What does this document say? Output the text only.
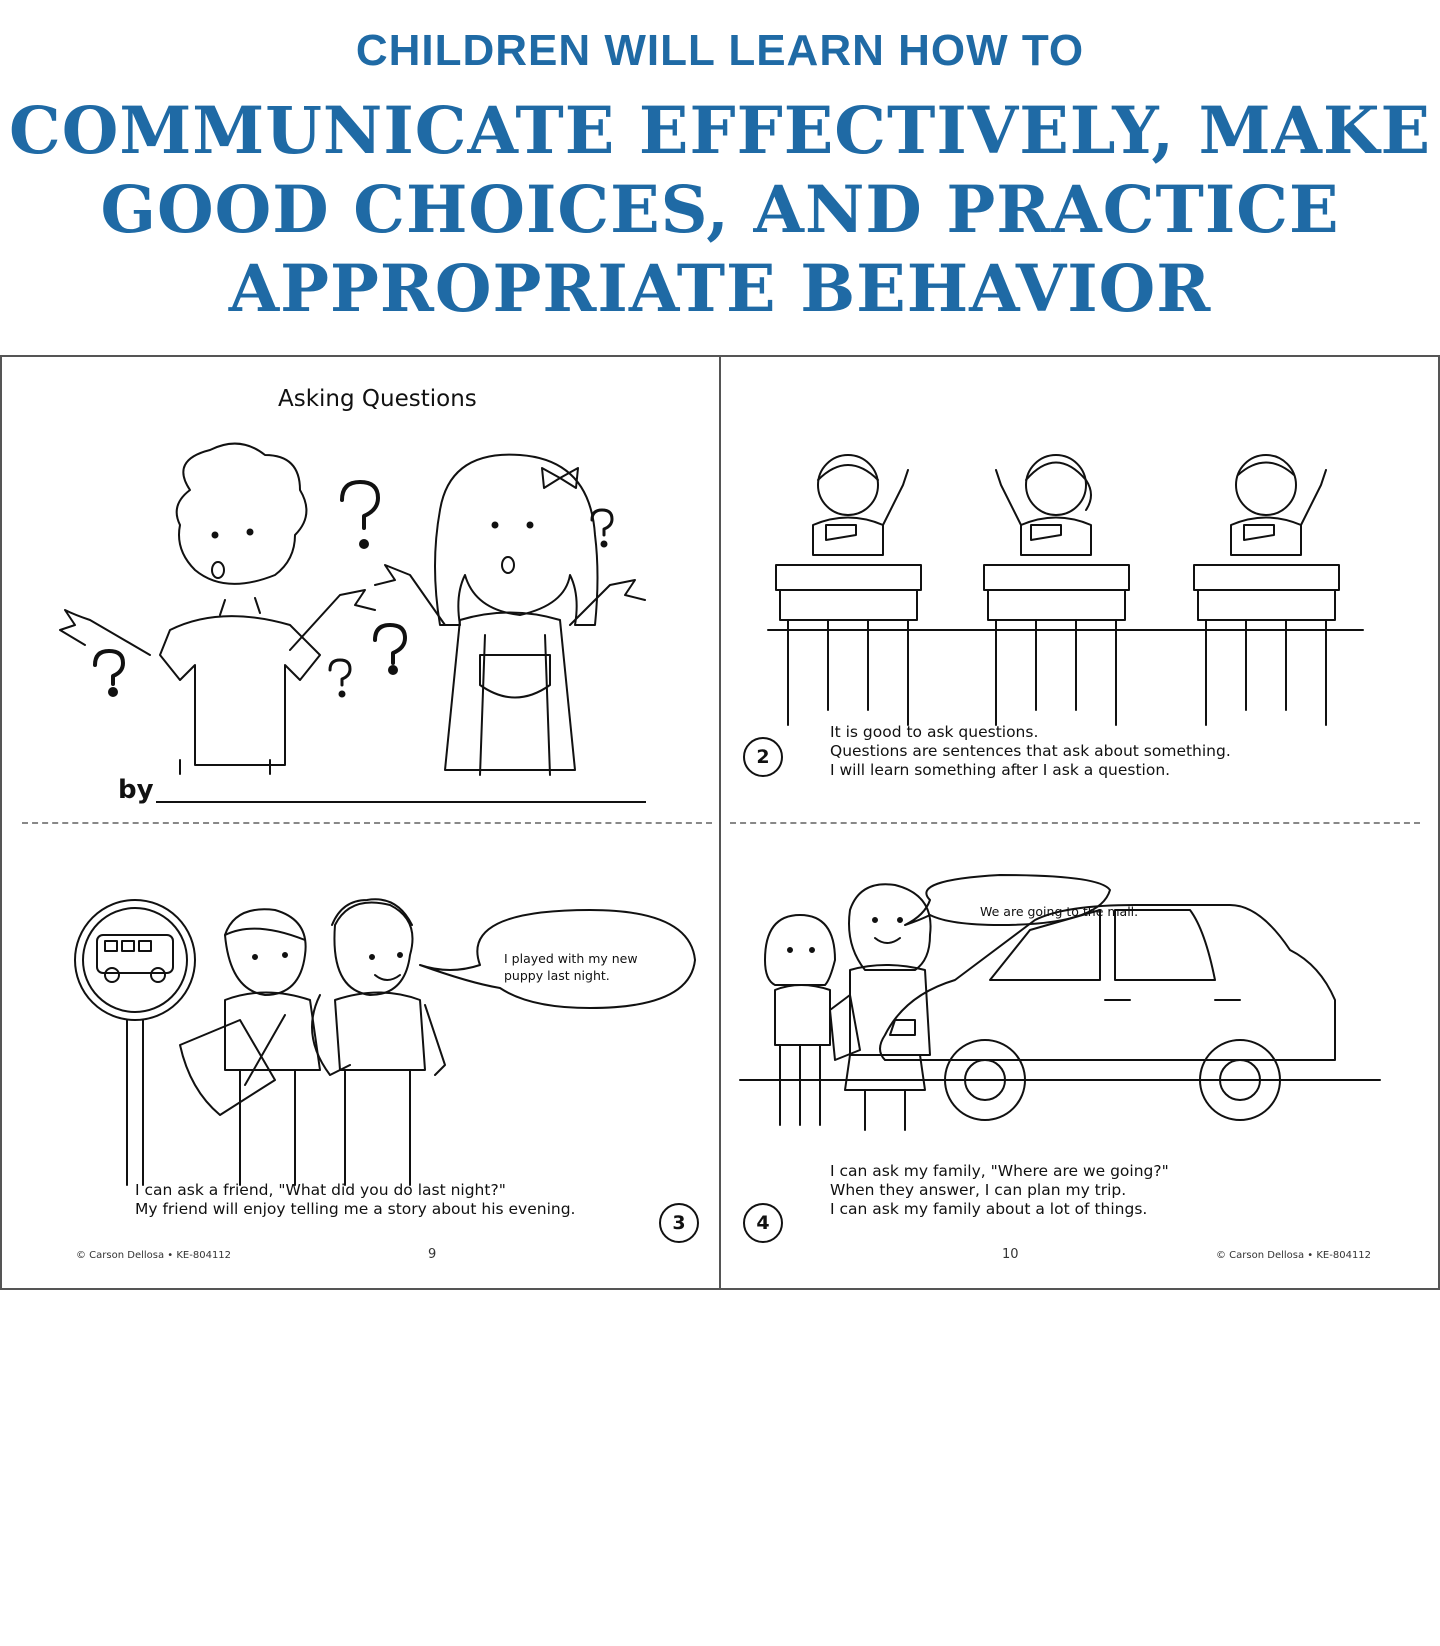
CHILDREN WILL LEARN HOW TO
COMMUNICATE EFFECTIVELY, MAKE
GOOD CHOICES, AND PRACTICE
APPROPRIATE BEHAVIOR
Asking Questions
by
2
It is good to ask questions.
Questions are sentences that ask about something.
I will learn something after I ask a question.
I played with my new
puppy last night.
I can ask a friend, "What did you do last night?"
My friend will enjoy telling me a story about his evening.
3
We are going to the mall.
4
I can ask my family, "Where are we going?"
When they answer, I can plan my trip.
I can ask my family about a lot of things.
© Carson Dellosa • KE-804112	9	10	© Carson Dellosa • KE-804112
